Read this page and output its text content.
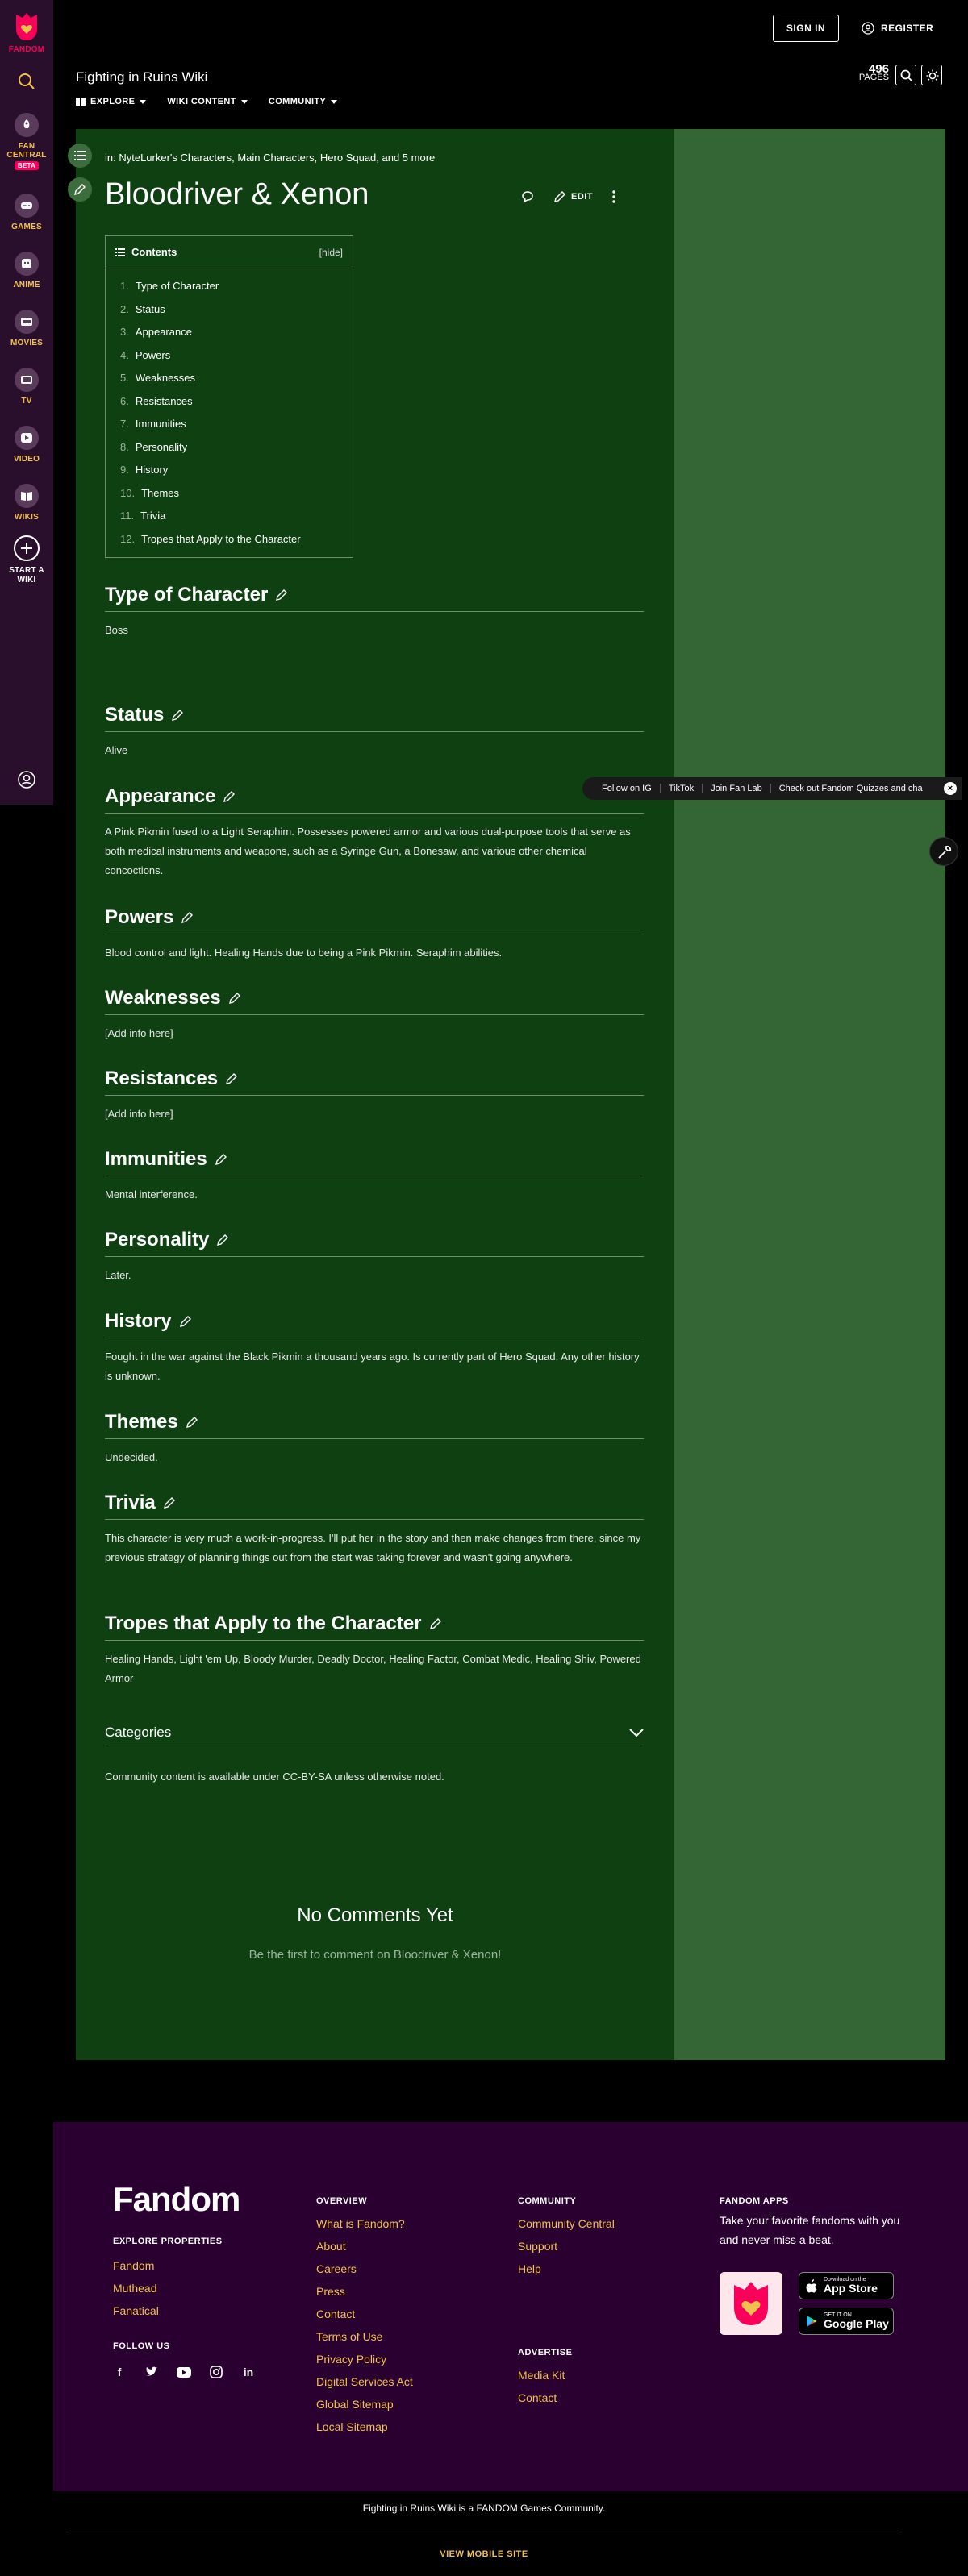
FANDOM
FAN CENTRAL
BETA
GAMES
ANIME
MOVIES
TV
VIDEO
WIKIS
START A WIKI
SIGN IN	REGISTER
Fighting in Ruins Wiki
496
PAGES
EXPLORE	WIKI CONTENT	COMMUNITY
in: NyteLurker's Characters, Main Characters, Hero Squad, and 5 more
Bloodriver & Xenon	EDIT
Contents	[hide]
1. Type of Character
2. Status
3. Appearance
4. Powers
5. Weaknesses
6. Resistances
7. Immunities
8. Personality
9. History
10. Themes
11. Trivia
12. Tropes that Apply to the Character
Type of Character

Boss

Status

Alive

Appearance

A Pink Pikmin fused to a Light Seraphim. Possesses powered armor and various dual-purpose tools that serve as both medical instruments and weapons, such as a Syringe Gun, a Bonesaw, and various other chemical concoctions.

Powers

Blood control and light. Healing Hands due to being a Pink Pikmin. Seraphim abilities.

Weaknesses

[Add info here]

Resistances

[Add info here]

Immunities

Mental interference.

Personality

Later.

History

Fought in the war against the Black Pikmin a thousand years ago. Is currently part of Hero Squad. Any other history is unknown.

Themes

Undecided.

Trivia

This character is very much a work-in-progress. I'll put her in the story and then make changes from there, since my previous strategy of planning things out from the start was taking forever and wasn't going anywhere.

Tropes that Apply to the Character

Healing Hands, Light 'em Up, Bloody Murder, Deadly Doctor, Healing Factor, Combat Medic, Healing Shiv, Powered Armor

Categories

Community content is available under CC-BY-SA unless otherwise noted.

No Comments Yet
Be the first to comment on Bloodriver & Xenon!
Follow on IG	TikTok	Join Fan Lab	Check out Fandom Quizzes and cha	×
Fandom
EXPLORE PROPERTIES
Fandom
Muthead
Fanatical
FOLLOW US
f	in
OVERVIEW
What is Fandom?
About
Careers
Press
Contact
Terms of Use
Privacy Policy
Digital Services Act
Global Sitemap
Local Sitemap
COMMUNITY
Community Central
Support
Help
ADVERTISE
Media Kit
Contact
FANDOM APPS
Take your favorite fandoms with you and never miss a beat.
Download on the
App Store
GET IT ON
Google Play
Fighting in Ruins Wiki is a FANDOM Games Community.
VIEW MOBILE SITE
